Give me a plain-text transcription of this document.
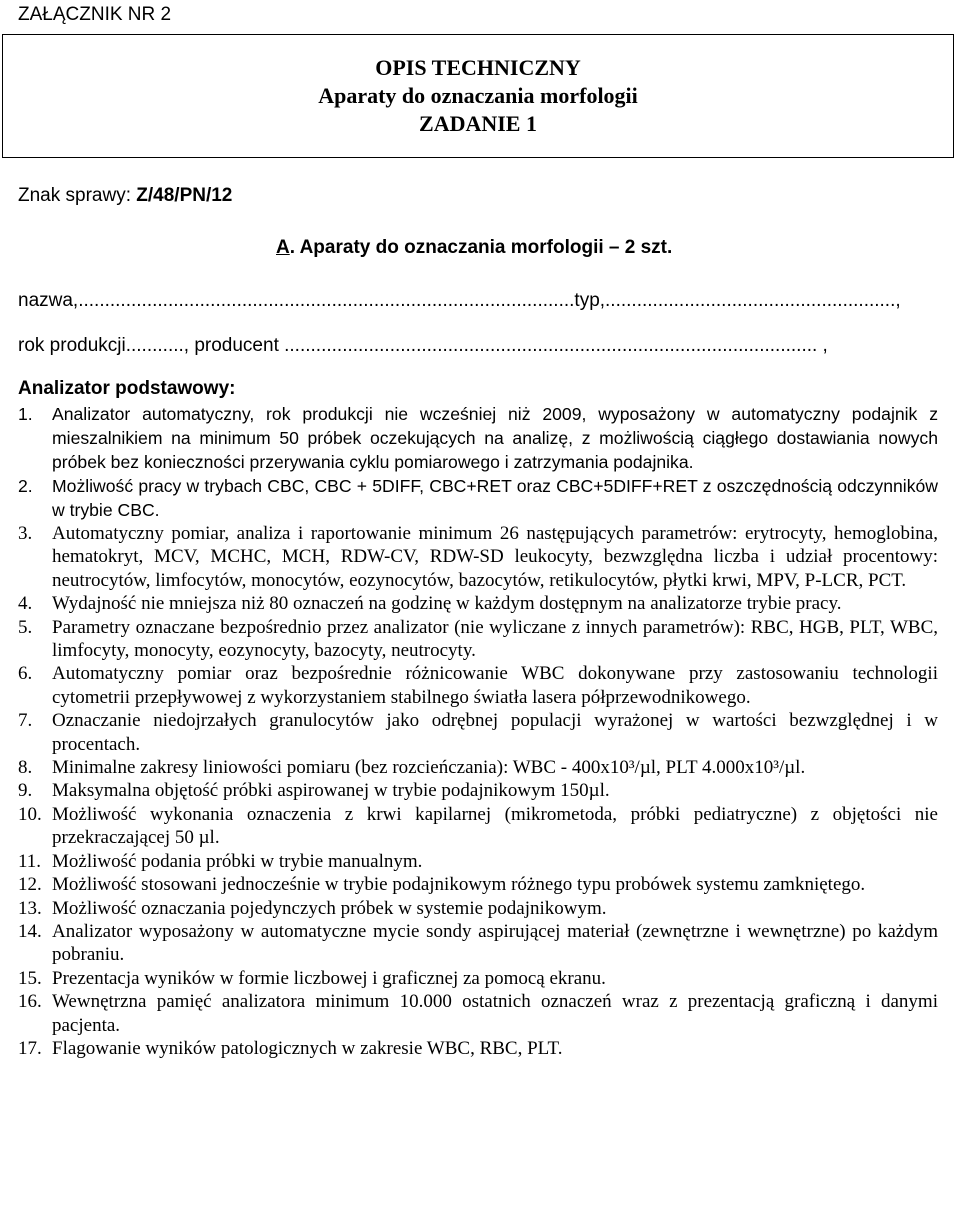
ZAŁĄCZNIK NR 2
OPIS TECHNICZNY
Aparaty do oznaczania morfologii
ZADANIE 1
Znak sprawy: Z/48/PN/12
A. Aparaty do oznaczania morfologii – 2 szt.
nazwa,..............................................................................................typ,.......................................................,
rok produkcji..........., producent ..................................................................................................... ,
Analizator podstawowy:
1. Analizator automatyczny, rok produkcji nie wcześniej niż 2009, wyposażony w automatyczny podajnik z mieszalnikiem na minimum 50 próbek oczekujących na analizę, z możliwością ciągłego dostawiania nowych próbek bez konieczności przerywania cyklu pomiarowego i zatrzymania podajnika.
2. Możliwość pracy w trybach CBC, CBC + 5DIFF, CBC+RET oraz CBC+5DIFF+RET z oszczędnością odczynników w trybie CBC.
3. Automatyczny pomiar, analiza i raportowanie minimum 26 następujących parametrów: erytrocyty, hemoglobina, hematokryt, MCV, MCHC, MCH, RDW-CV, RDW-SD leukocyty, bezwzględna liczba i udział procentowy: neutrocytów, limfocytów, monocytów, eozynocytów, bazocytów, retikulocytów, płytki krwi, MPV, P-LCR, PCT.
4. Wydajność nie mniejsza niż 80 oznaczeń na godzinę w każdym dostępnym na analizatorze trybie pracy.
5. Parametry oznaczane bezpośrednio przez analizator (nie wyliczane z innych parametrów): RBC, HGB, PLT, WBC, limfocyty, monocyty, eozynocyty, bazocyty, neutrocyty.
6. Automatyczny pomiar oraz bezpośrednie różnicowanie WBC dokonywane przy zastosowaniu technologii cytometrii przepływowej z wykorzystaniem stabilnego światła lasera półprzewodnikowego.
7. Oznaczanie niedojrzałych granulocytów jako odrębnej populacji wyrażonej w wartości bezwzględnej i w procentach.
8. Minimalne zakresy liniowości pomiaru (bez rozcieńczania): WBC - 400x10³/µl, PLT 4.000x10³/µl.
9. Maksymalna objętość próbki aspirowanej w trybie podajnikowym 150µl.
10. Możliwość wykonania oznaczenia z krwi kapilarnej (mikrometoda, próbki pediatryczne) z objętości nie przekraczającej 50 µl.
11. Możliwość podania próbki w trybie manualnym.
12. Możliwość stosowani jednocześnie w trybie podajnikowym różnego typu probówek systemu zamkniętego.
13. Możliwość oznaczania pojedynczych próbek w systemie podajnikowym.
14. Analizator wyposażony w automatyczne mycie sondy aspirującej materiał (zewnętrzne i wewnętrzne) po każdym pobraniu.
15. Prezentacja wyników w formie liczbowej i graficznej za pomocą ekranu.
16. Wewnętrzna pamięć analizatora minimum 10.000 ostatnich oznaczeń wraz z prezentacją graficzną i danymi pacjenta.
17. Flagowanie wyników patologicznych w zakresie WBC, RBC, PLT.
